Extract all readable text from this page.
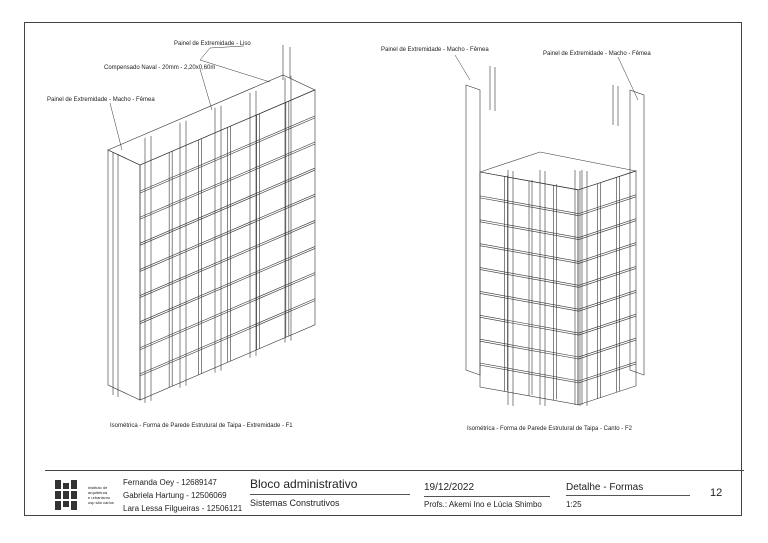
Painel de Extremidade - Liso
Compensado Naval - 20mm - 2,20x0,60m
Painel de Extremidade - Macho - Fêmea
Painel de Extremidade - Macho - Fêmea
Painel de Extremidade - Macho - Fêmea
Isométrica - Forma de Parede Estrutural de Taipa - Extremidade - F1	Isométrica - Forma de Parede Estrutural de Taipa - Canto - F2
instituto de
arquitetura
e urbanismo
usp são carlos
Fernanda Oey - 12689147
Gabriela Hartung - 12506069
Lara Lessa Filgueiras - 12506121
Bloco administrativo
Sistemas Construtivos
19/12/2022
Profs.: Akemi Ino e Lúcia Shimbo
Detalhe - Formas
1:25
12
